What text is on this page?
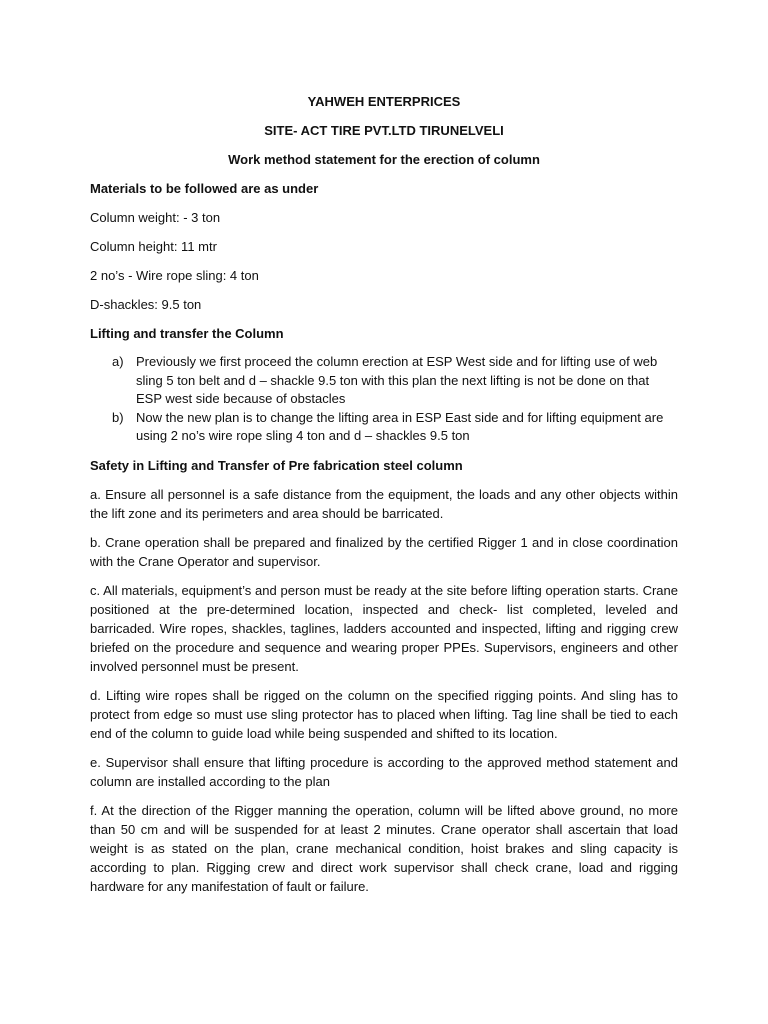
YAHWEH ENTERPRICES

SITE- ACT TIRE PVT.LTD TIRUNELVELI

Work method statement for the erection of column

Materials to be followed are as under

Column weight: - 3 ton

Column height: 11 mtr

2 no’s - Wire rope sling: 4 ton

D-shackles: 9.5 ton

Lifting and transfer the Column

a) Previously we first proceed the column erection at ESP West side and for lifting use of web sling 5 ton belt and d – shackle 9.5 ton with this plan the next lifting is not be done on that ESP west side because of obstacles
b) Now the new plan is to change the lifting area in ESP East side and for lifting equipment are using 2 no’s wire rope sling 4 ton and d – shackles 9.5 ton

Safety in Lifting and Transfer of Pre fabrication steel column

a. Ensure all personnel is a safe distance from the equipment, the loads and any other objects within the lift zone and its perimeters and area should be barricated.

b. Crane operation shall be prepared and finalized by the certified Rigger 1 and in close coordination with the Crane Operator and supervisor.

c. All materials, equipment’s and person must be ready at the site before lifting operation starts. Crane positioned at the pre-determined location, inspected and check- list completed, leveled and barricaded. Wire ropes, shackles, taglines, ladders accounted and inspected, lifting and rigging crew briefed on the procedure and sequence and wearing proper PPEs. Supervisors, engineers and other involved personnel must be present.

d. Lifting wire ropes shall be rigged on the column on the specified rigging points. And sling has to protect from edge so must use sling protector has to placed when lifting. Tag line shall be tied to each end of the column to guide load while being suspended and shifted to its location.

e. Supervisor shall ensure that lifting procedure is according to the approved method statement and column are installed according to the plan

f. At the direction of the Rigger manning the operation, column will be lifted above ground, no more than 50 cm and will be suspended for at least 2 minutes. Crane operator shall ascertain that load weight is as stated on the plan, crane mechanical condition, hoist brakes and sling capacity is according to plan. Rigging crew and direct work supervisor shall check crane, load and rigging hardware for any manifestation of fault or failure.
